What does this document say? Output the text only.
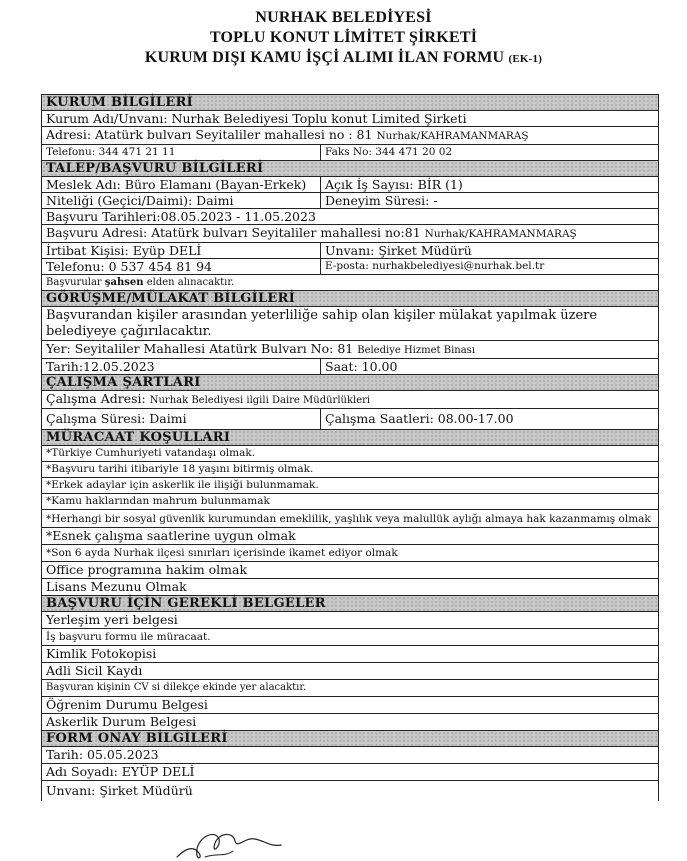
NURHAK BELEDİYESİ
TOPLU KONUT LİMİTET ŞİRKETİ
KURUM DIŞI KAMU İŞÇİ ALIMI İLAN FORMU (EK-1)
KURUM BİLGİLERİ
Kurum Adı/Unvanı: Nurhak Belediyesi Toplu konut Limited Şirketi
Adresi: Atatürk bulvarı Seyitaliler mahallesi no : 81 Nurhak/KAHRAMANMARAŞ
Telefonu: 344 471 21 11	Faks No: 344 471 20 02
TALEP/BAŞVURU BİLGİLERİ
Meslek Adı: Büro Elamanı (Bayan-Erkek)	Açık İş Sayısı: BİR (1)
Niteliği (Geçici/Daimi): Daimi	Deneyim Süresi: -
Başvuru Tarihleri:08.05.2023 - 11.05.2023
Başvuru Adresi: Atatürk bulvarı Seyitaliler mahallesi no:81 Nurhak/KAHRAMANMARAŞ
İrtibat Kişisi: Eyüp DELİ	Unvanı: Şirket Müdürü
Telefonu: 0 537 454 81 94	E-posta: nurhakbelediyesi@nurhak.bel.tr
Başvurular şahsen elden alınacaktır.
GÖRÜŞME/MÜLAKAT BİLGİLERİ
Başvurandan kişiler arasından yeterliliğe sahip olan kişiler mülakat yapılmak üzere belediyeye çağırılacaktır.
Yer: Seyitaliler Mahallesi Atatürk Bulvarı No: 81 Belediye Hizmet Binası
Tarih:12.05.2023	Saat: 10.00
ÇALIŞMA ŞARTLARI
Çalışma Adresi: Nurhak Belediyesi ilgili Daire Müdürlükleri
Çalışma Süresi: Daimi	Çalışma Saatleri: 08.00-17.00
MÜRACAAT KOŞULLARI
*Türkiye Cumhuriyeti vatandaşı olmak.
*Başvuru tarihi itibariyle 18 yaşını bitirmiş olmak.
*Erkek adaylar için askerlik ile ilişiği bulunmamak.
*Kamu haklarından mahrum bulunmamak
*Herhangi bir sosyal güvenlik kurumundan emeklilik, yaşlılık veya malullük aylığı almaya hak kazanmamış olmak
*Esnek çalışma saatlerine uygun olmak
*Son 6 ayda Nurhak ilçesi sınırları içerisinde ikamet ediyor olmak
Office programına hakim olmak
Lisans Mezunu Olmak
BAŞVURU İÇİN GEREKLİ BELGELER
Yerleşim yeri belgesi
İş başvuru formu ile müracaat.
Kimlik Fotokopisi
Adli Sicil Kaydı
Başvuran kişinin CV si dilekçe ekinde yer alacaktır.
Öğrenim Durumu Belgesi
Askerlik Durum Belgesi
FORM ONAY BİLGİLERİ
Tarih: 05.05.2023
Adı Soyadı: EYÜP DELİ
Unvanı: Şirket Müdürü
